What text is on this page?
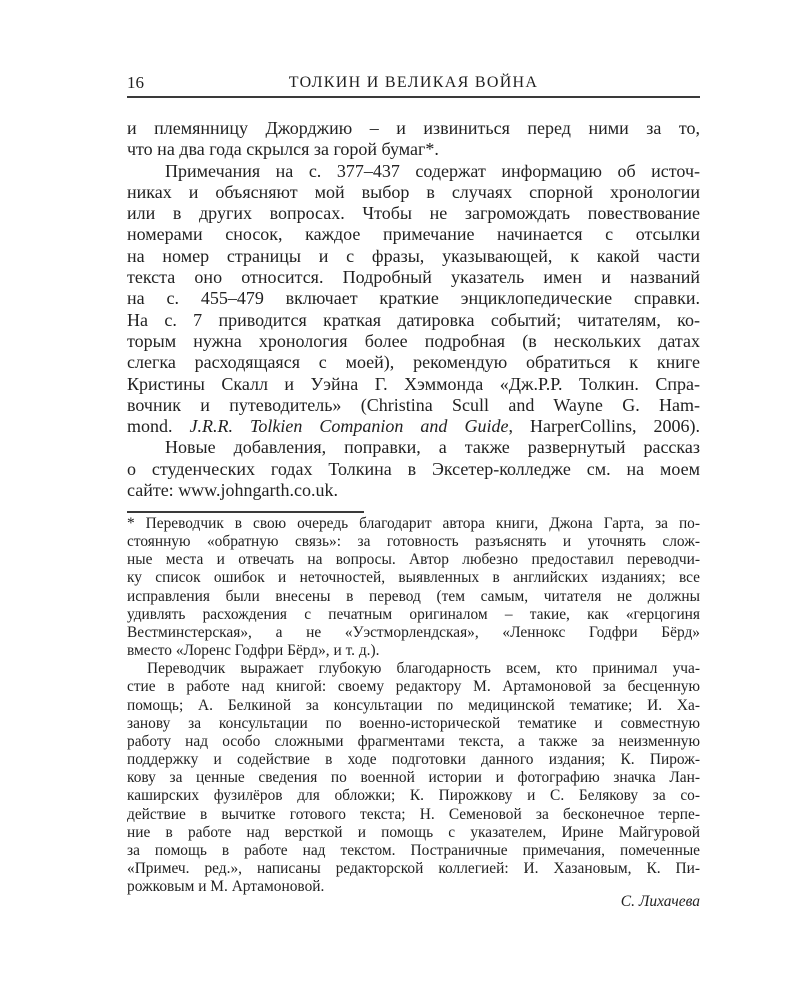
16	ТОЛКИН И ВЕЛИКАЯ ВОЙНА
и племянницу Джорджию – и извиниться перед ними за то,
что на два года скрылся за горой бумаг*.
Примечания на с. 377–437 содержат информацию об источ-
никах и объясняют мой выбор в случаях спорной хронологии
или в других вопросах. Чтобы не загромождать повествование
номерами сносок, каждое примечание начинается с отсылки
на номер страницы и с фразы, указывающей, к какой части
текста оно относится. Подробный указатель имен и названий
на с. 455–479 включает краткие энциклопедические справки.
На с. 7 приводится краткая датировка событий; читателям, ко-
торым нужна хронология более подробная (в нескольких датах
слегка расходящаяся с моей), рекомендую обратиться к книге
Кристины Скалл и Уэйна Г. Хэммонда «Дж.Р.Р. Толкин. Спра-
вочник и путеводитель» (Christina Scull and Wayne G. Ham-
mond. J.R.R. Tolkien Companion and Guide, HarperCollins, 2006).
Новые добавления, поправки, а также развернутый рассказ
о студенческих годах Толкина в Эксетер-колледже см. на моем
сайте: www.johngarth.co.uk.
* Переводчик в свою очередь благодарит автора книги, Джона Гарта, за по-
стоянную «обратную связь»: за готовность разъяснять и уточнять слож-
ные места и отвечать на вопросы. Автор любезно предоставил переводчи-
ку список ошибок и неточностей, выявленных в английских изданиях; все
исправления были внесены в перевод (тем самым, читателя не должны
удивлять расхождения с печатным оригиналом – такие, как «герцогиня
Вестминстерская», а не «Уэстморлендская», «Леннокс Годфри Бёрд»
вместо «Лоренс Годфри Бёрд», и т. д.).
Переводчик выражает глубокую благодарность всем, кто принимал уча-
стие в работе над книгой: своему редактору М. Артамоновой за бесценную
помощь; А. Белкиной за консультации по медицинской тематике; И. Ха-
занову за консультации по военно-исторической тематике и совместную
работу над особо сложными фрагментами текста, а также за неизменную
поддержку и содействие в ходе подготовки данного издания; К. Пирож-
кову за ценные сведения по военной истории и фотографию значка Лан-
каширских фузилёров для обложки; К. Пирожкову и С. Белякову за со-
действие в вычитке готового текста; Н. Семеновой за бесконечное терпе-
ние в работе над версткой и помощь с указателем, Ирине Майгуровой
за помощь в работе над текстом. Постраничные примечания, помеченные
«Примеч. ред.», написаны редакторской коллегией: И. Хазановым, К. Пи-
рожковым и М. Артамоновой.
С. Лихачева
